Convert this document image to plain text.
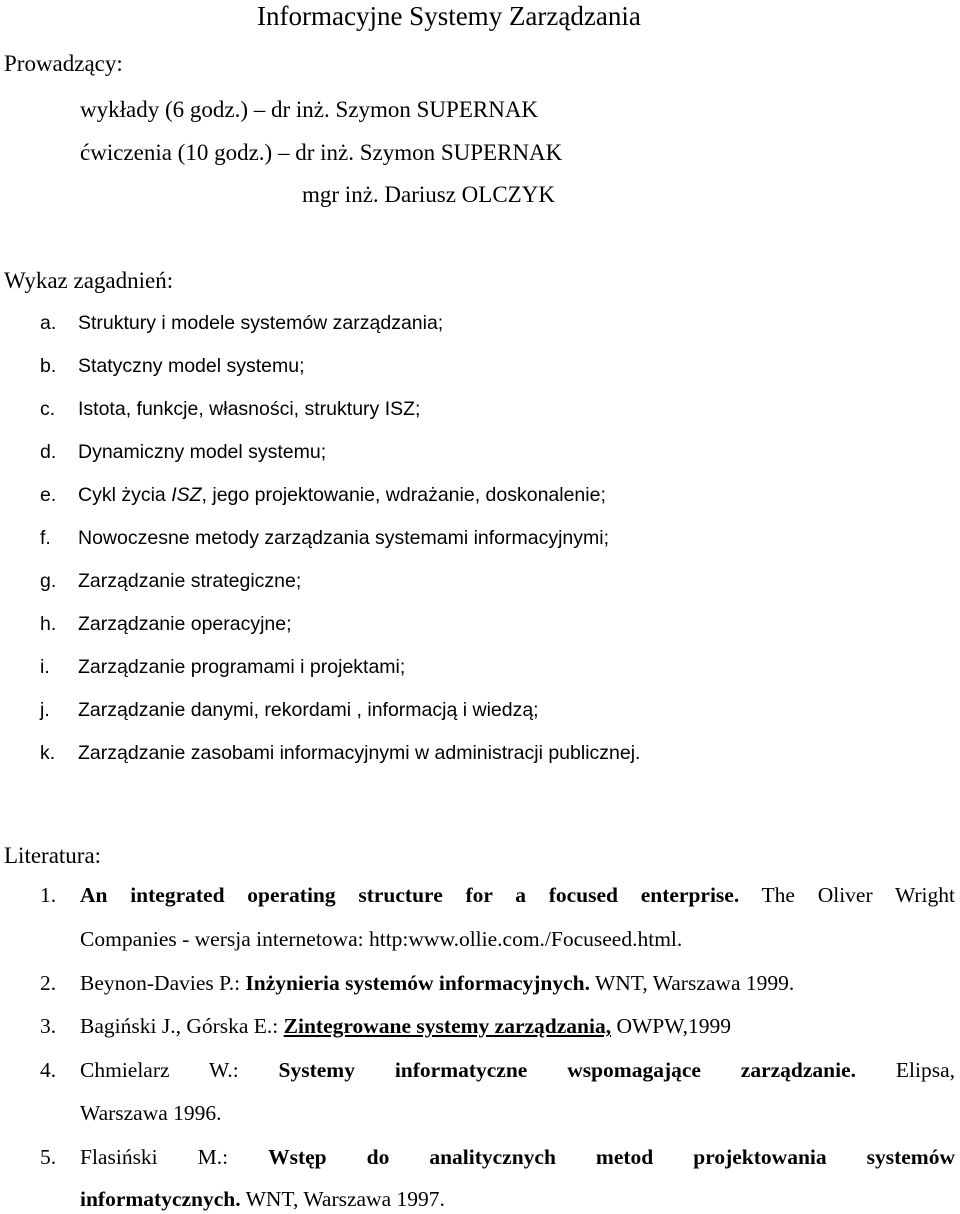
Informacyjne Systemy Zarządzania
Prowadzący:
wykłady (6 godz.) – dr inż. Szymon SUPERNAK
ćwiczenia (10 godz.) – dr inż. Szymon SUPERNAK
mgr inż. Dariusz OLCZYK
Wykaz zagadnień:
a. Struktury i modele systemów zarządzania;
b. Statyczny model systemu;
c. Istota, funkcje, własności, struktury ISZ;
d. Dynamiczny model systemu;
e. Cykl życia ISZ, jego projektowanie, wdrażanie, doskonalenie;
f. Nowoczesne metody zarządzania systemami informacyjnymi;
g. Zarządzanie strategiczne;
h. Zarządzanie operacyjne;
i. Zarządzanie programami i projektami;
j. Zarządzanie danymi, rekordami , informacją i wiedzą;
k. Zarządzanie zasobami informacyjnymi w administracji publicznej.
Literatura:
1. An integrated operating structure for a focused enterprise. The Oliver Wright
Companies - wersja internetowa: http:www.ollie.com./Focuseed.html.
2. Beynon-Davies P.: Inżynieria systemów informacyjnych. WNT, Warszawa 1999.
3. Bagiński J., Górska E.: Zintegrowane systemy zarządzania, OWPW,1999
4. Chmielarz W.: Systemy informatyczne wspomagające zarządzanie. Elipsa,
Warszawa 1996.
5. Flasiński M.: Wstęp do analitycznych metod projektowania systemów
informatycznych. WNT, Warszawa 1997.
